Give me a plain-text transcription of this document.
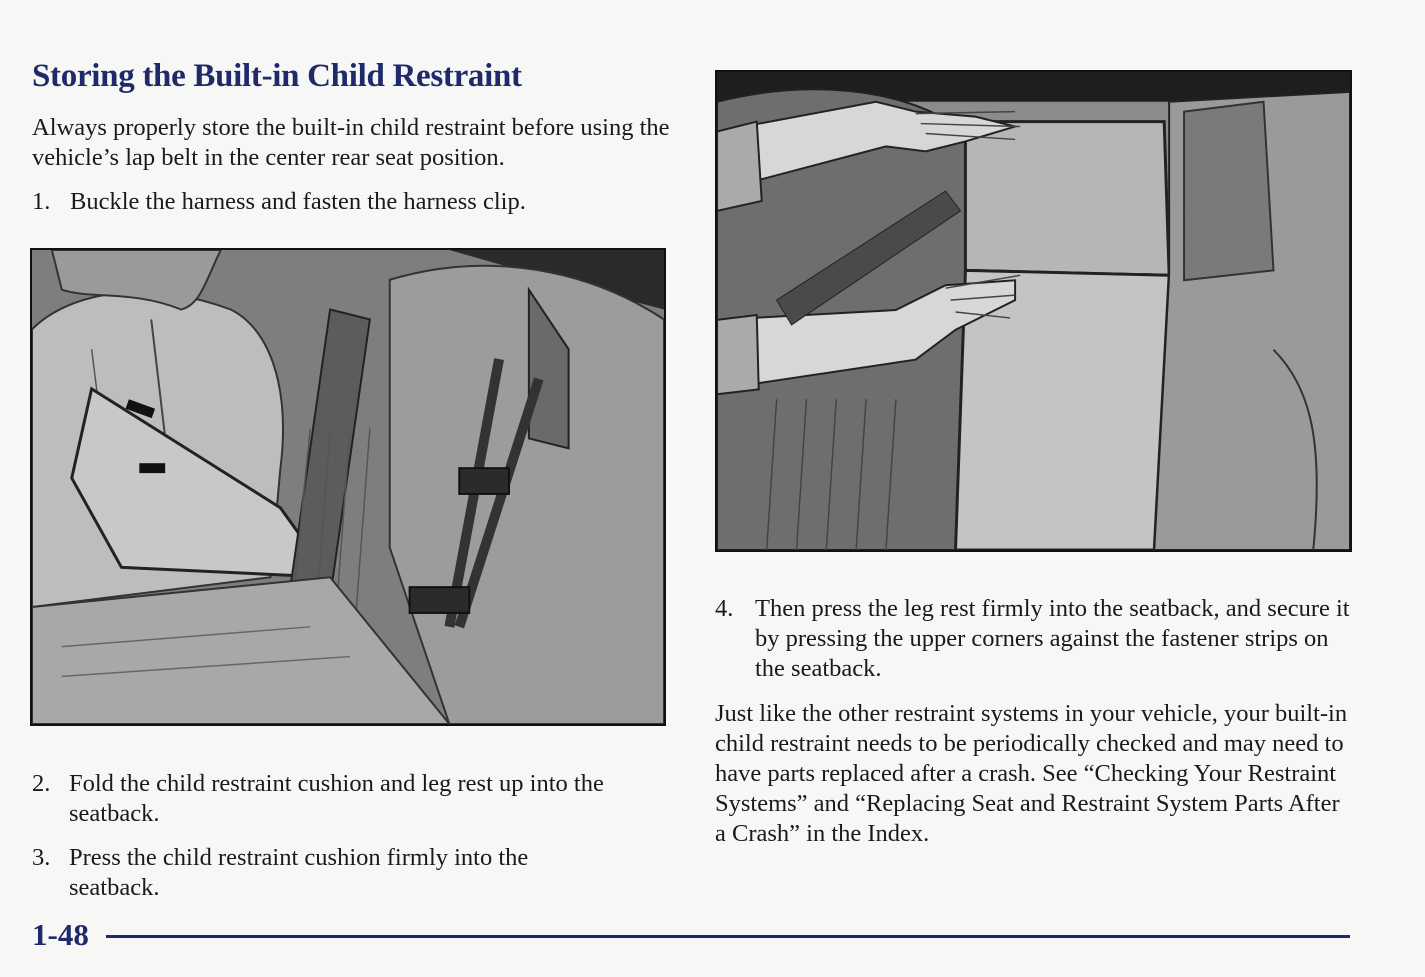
Storing the Built-in Child Restraint

Always properly store the built-in child restraint before using the vehicle’s lap belt in the center rear seat position.

1. Buckle the harness and fasten the harness clip.
2. Fold the child restraint cushion and leg rest up into the seatback.
3. Press the child restraint cushion firmly into the seatback.
4. Then press the leg rest firmly into the seatback, and secure it by pressing the upper corners against the fastener strips on the seatback.

Just like the other restraint systems in your vehicle, your built-in child restraint needs to be periodically checked and may need to have parts replaced after a crash. See “Checking Your Restraint Systems” and “Replacing Seat and Restraint System Parts After a Crash” in the Index.

1-48
